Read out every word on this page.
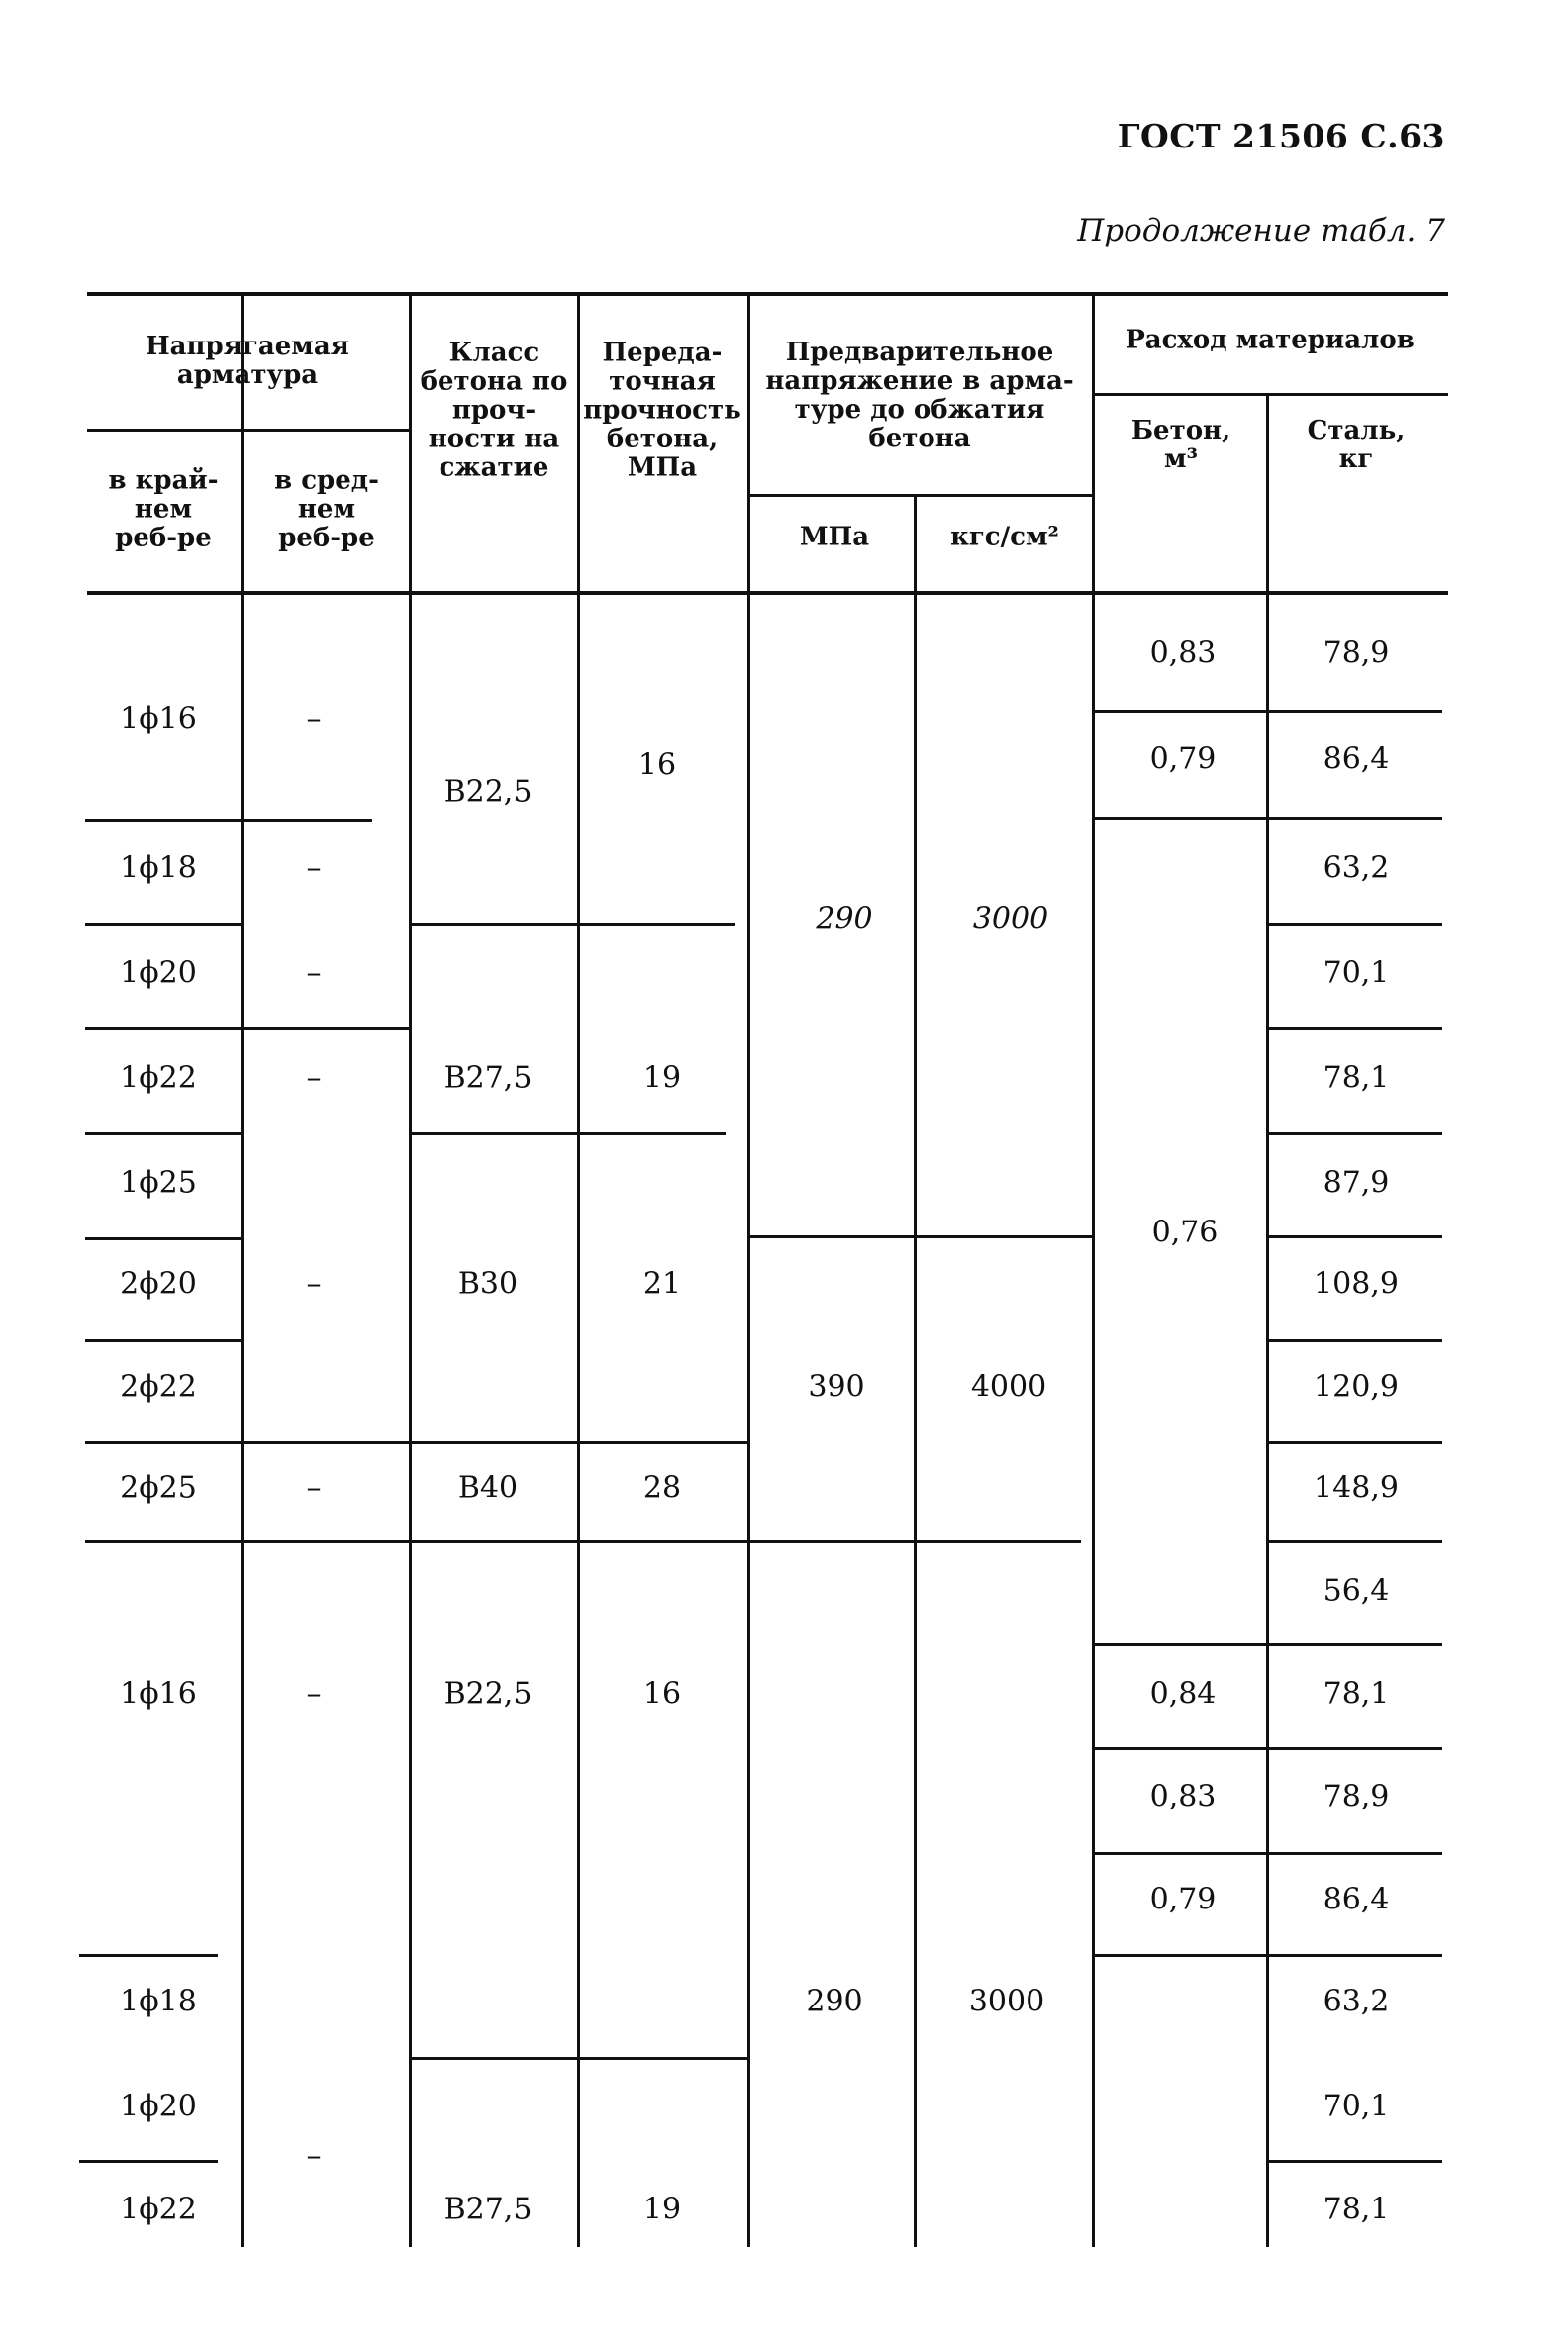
ГОСТ 21506 С.63
Продолжение табл. 7
Напрягаемая арматура
в край-нем реб-ре
в сред-нем реб-ре
Класс бетона по проч-ности на сжатие
Переда-точная прочность бетона, МПа
Предварительное напряжение в арма-туре до обжатия бетона
МПа	кгс/см²
Расход материалов
Бетон, м³
Сталь, кг
1ϕ16
1ϕ18
1ϕ20
1ϕ22
1ϕ25
2ϕ20
2ϕ22
2ϕ25
1ϕ16
1ϕ18
1ϕ20
1ϕ22
–
–
–
–
–
–
–
–
B22,5
B27,5
B30
B40
B22,5
B27,5
16
19
21
28
16
19
290
390
290
3000
4000
3000
0,83
0,79
0,76
0,84
0,83
0,79
78,9
86,4
63,2
70,1
78,1
87,9
108,9
120,9
148,9
56,4
78,1
78,9
86,4
63,2
70,1
78,1
